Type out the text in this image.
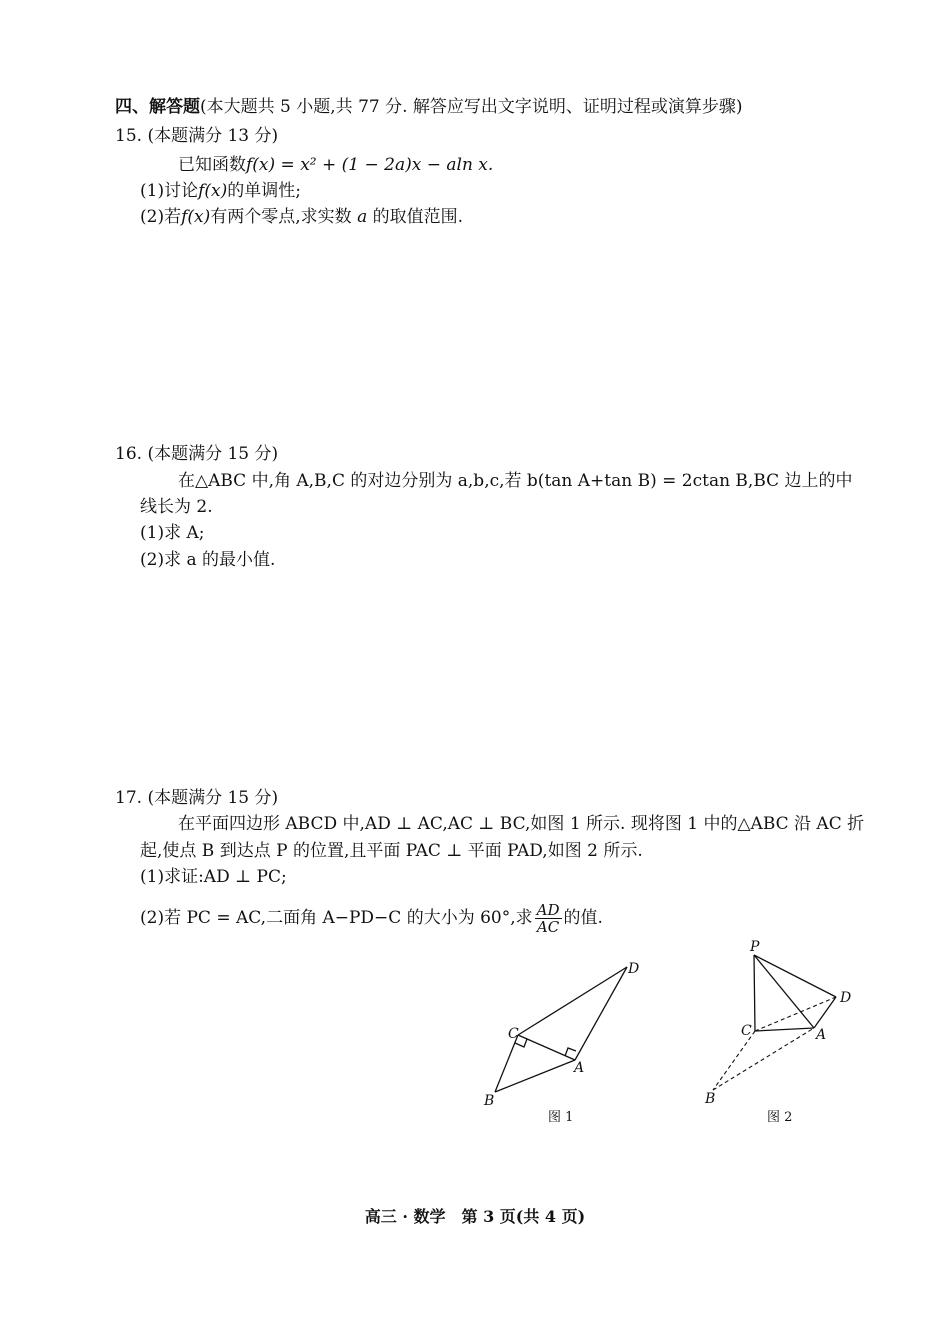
四、解答题(本大题共 5 小题,共 77 分. 解答应写出文字说明、证明过程或演算步骤)
15. (本题满分 13 分)
已知函数f(x) = x² + (1 − 2a)x − aln x.
(1)讨论f(x)的单调性;
(2)若f(x)有两个零点,求实数 a 的取值范围.
16. (本题满分 15 分)
在△ABC 中,角 A,B,C 的对边分别为 a,b,c,若 b(tan A+tan B) = 2ctan B,BC 边上的中
线长为 2.
(1)求 A;
(2)求 a 的最小值.
17. (本题满分 15 分)
在平面四边形 ABCD 中,AD ⊥ AC,AC ⊥ BC,如图 1 所示. 现将图 1 中的△ABC 沿 AC 折
起,使点 B 到达点 P 的位置,且平面 PAC ⊥ 平面 PAD,如图 2 所示.
(1)求证:AD ⊥ PC;
(2)若 PC = AC,二面角 A−PD−C 的大小为 60°,求 $\frac{AD}{AC}$ 的值.
D
C
A
B
图 1
P
D
C	A
B
图 2
高三 · 数学　第 3 页(共 4 页)
